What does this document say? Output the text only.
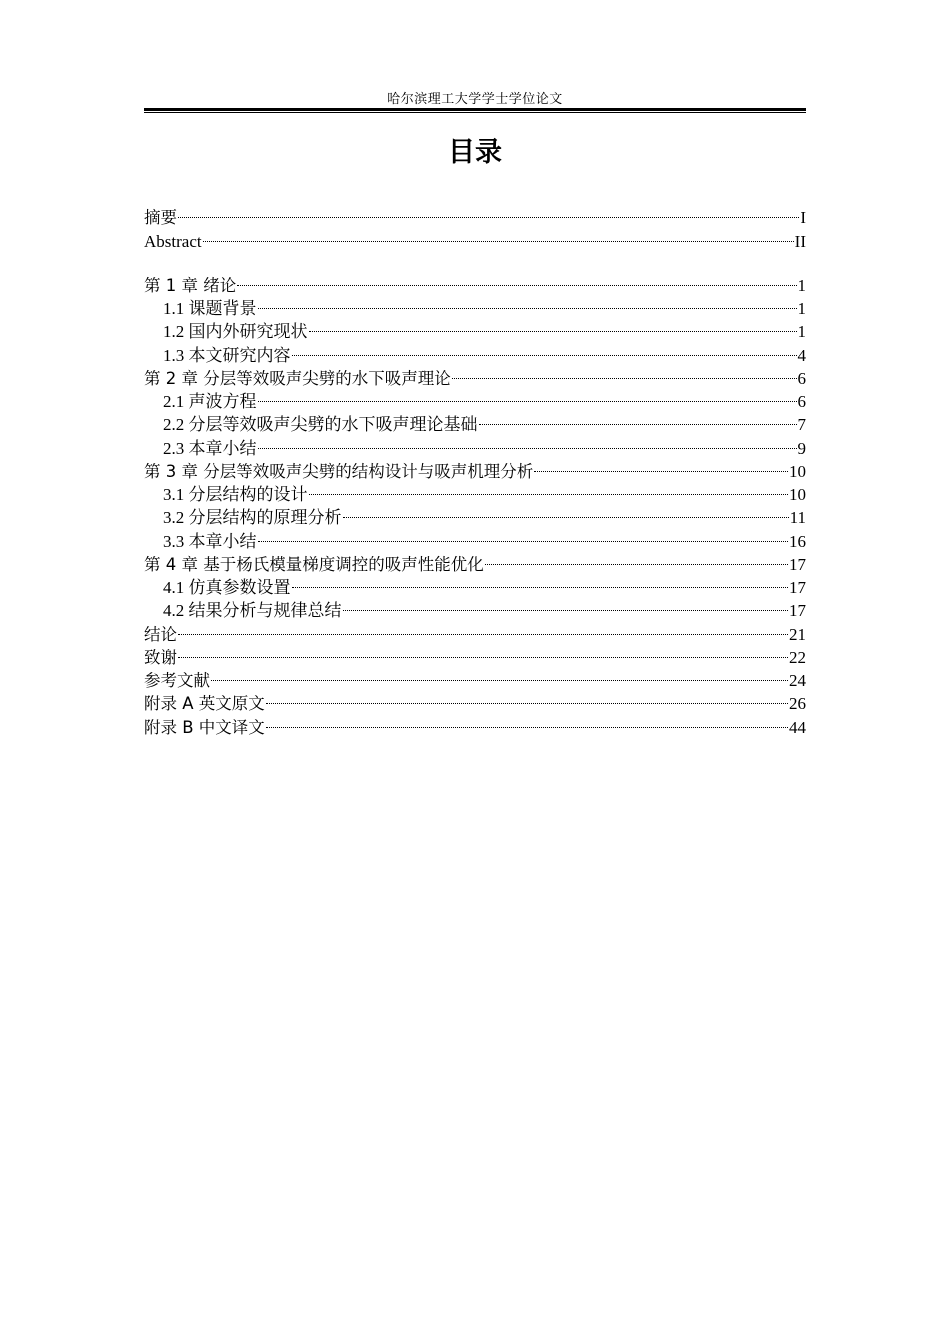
哈尔滨理工大学学士学位论文
目录
摘要	I
Abstract	II
第 1 章 绪论	1
1.1 课题背景	1
1.2 国内外研究现状	1
1.3 本文研究内容	4
第 2 章 分层等效吸声尖劈的水下吸声理论	6
2.1 声波方程	6
2.2 分层等效吸声尖劈的水下吸声理论基础	7
2.3 本章小结	9
第 3 章 分层等效吸声尖劈的结构设计与吸声机理分析	10
3.1 分层结构的设计	10
3.2 分层结构的原理分析	11
3.3 本章小结	16
第 4 章 基于杨氏模量梯度调控的吸声性能优化	17
4.1 仿真参数设置	17
4.2 结果分析与规律总结	17
结论	21
致谢	22
参考文献	24
附录 A 英文原文	26
附录 B 中文译文	44
